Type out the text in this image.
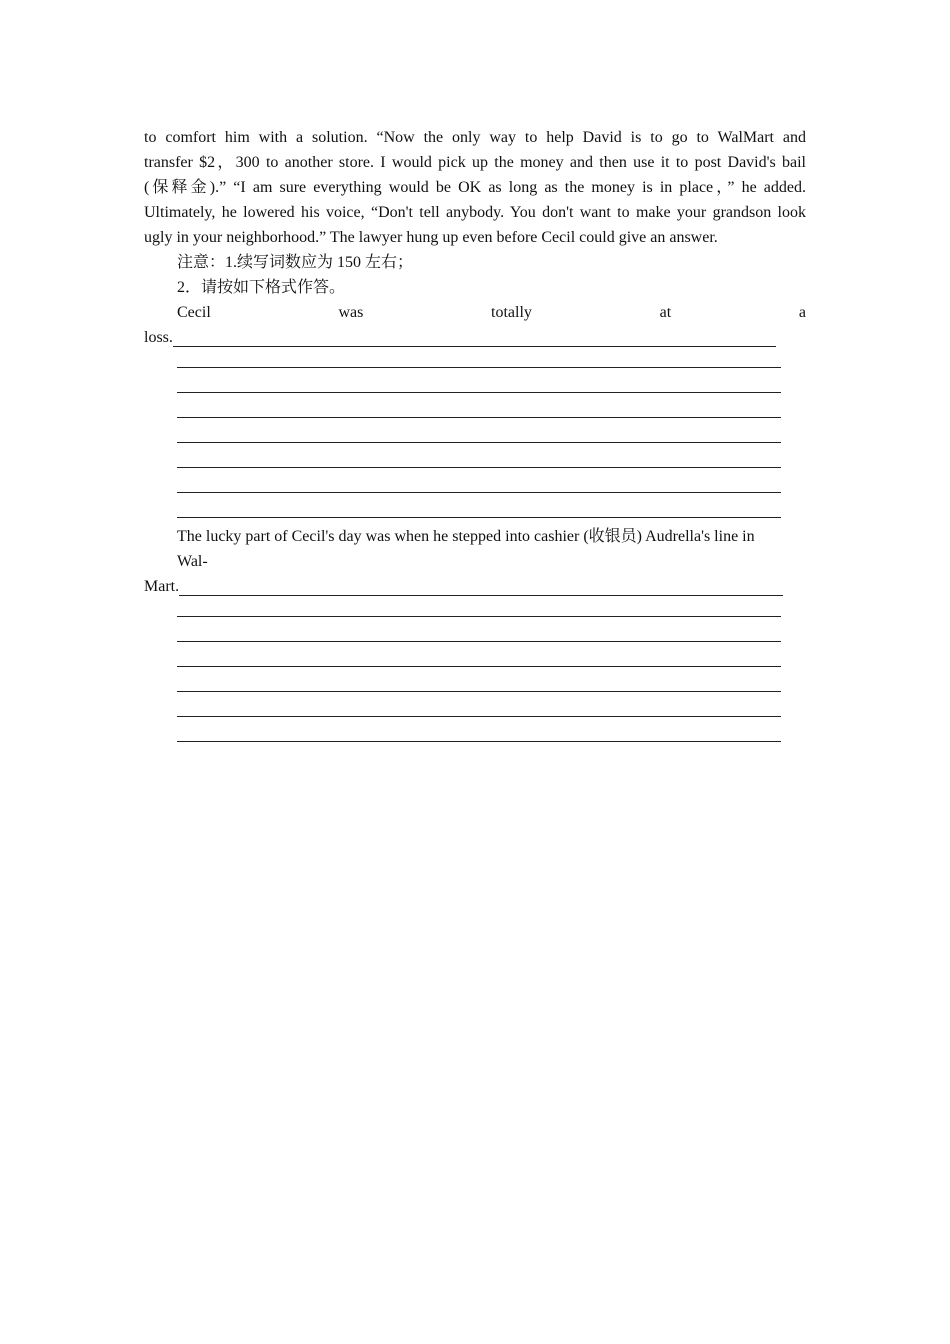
to comfort him with a solution. “Now the only way to help David is to go to WalMart and
transfer $2，300 to another store. I would pick up the money and then use it to post David's bail
(保释金).” “I am sure everything would be OK as long as the money is in place，” he added.
Ultimately, he lowered his voice, “Don't tell anybody. You don't want to make your grandson look
ugly in your neighborhood.” The lawyer hung up even before Cecil could give an answer.
注意：1.续写词数应为 150 左右；
2．请按如下格式作答。
Cecil	was	totally	at	a
loss.
The lucky part of Cecil's day was when he stepped into cashier (收银员) Audrella's line in
Wal-
Mart.
